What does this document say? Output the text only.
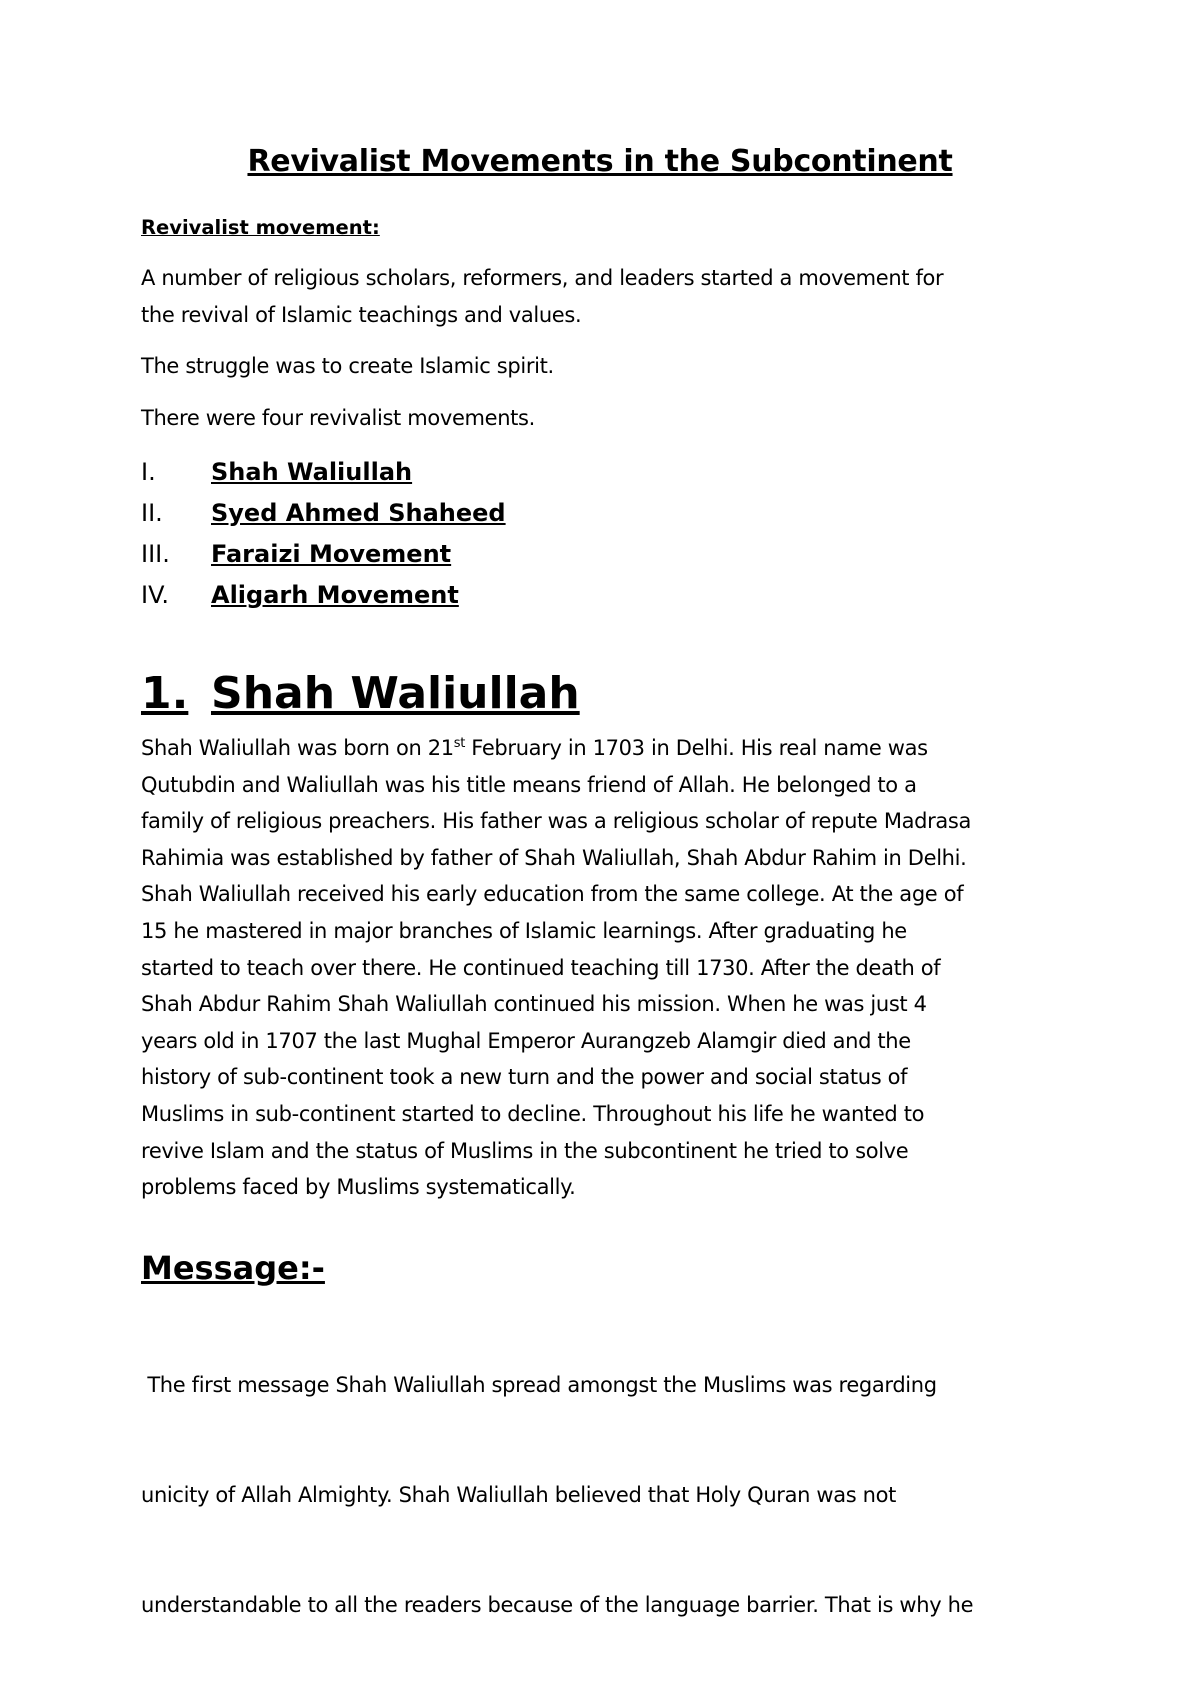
Revivalist Movements in the Subcontinent

Revivalist movement:

A number of religious scholars, reformers, and leaders started a movement for
the revival of Islamic teachings and values.
The struggle was to create Islamic spirit.
There were four revivalist movements.
I.	Shah Waliullah
II.	Syed Ahmed Shaheed
III.	Faraizi Movement
IV.	Aligarh Movement
1. Shah Waliullah
Shah Waliullah was born on 21st February in 1703 in Delhi. His real name was
Qutubdin and Waliullah was his title means friend of Allah. He belonged to a
family of religious preachers. His father was a religious scholar of repute Madrasa
Rahimia was established by father of Shah Waliullah, Shah Abdur Rahim in Delhi.
Shah Waliullah received his early education from the same college. At the age of
15 he mastered in major branches of Islamic learnings. After graduating he
started to teach over there. He continued teaching till 1730. After the death of
Shah Abdur Rahim Shah Waliullah continued his mission. When he was just 4
years old in 1707 the last Mughal Emperor Aurangzeb Alamgir died and the
history of sub-continent took a new turn and the power and social status of
Muslims in sub-continent started to decline. Throughout his life he wanted to
revive Islam and the status of Muslims in the subcontinent he tried to solve
problems faced by Muslims systematically.
Message:-

The first message Shah Waliullah spread amongst the Muslims was regarding

unicity of Allah Almighty. Shah Waliullah believed that Holy Quran was not

understandable to all the readers because of the language barrier. That is why he
